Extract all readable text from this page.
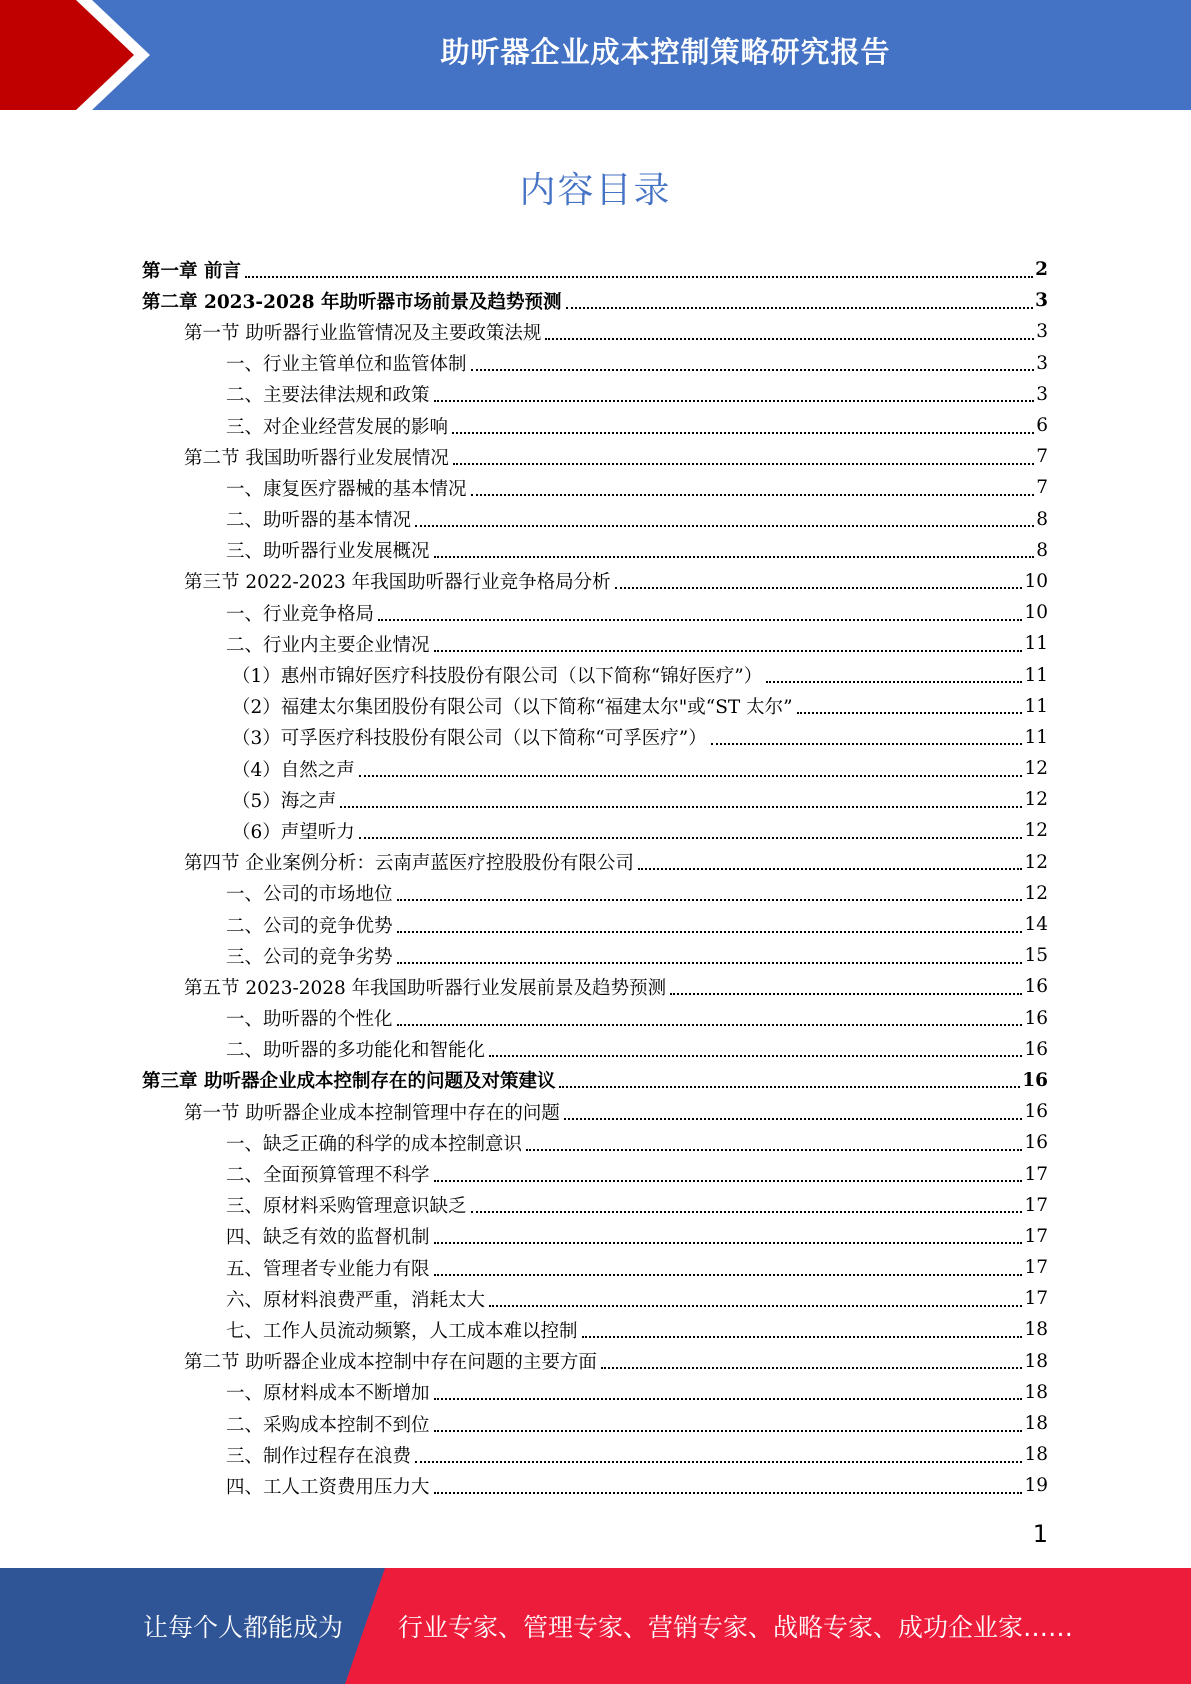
助听器企业成本控制策略研究报告
内容目录
第一章 前言	2
第二章 2023-2028 年助听器市场前景及趋势预测	3
第一节 助听器行业监管情况及主要政策法规	3
一、行业主管单位和监管体制	3
二、主要法律法规和政策	3
三、对企业经营发展的影响	6
第二节 我国助听器行业发展情况	7
一、康复医疗器械的基本情况	7
二、助听器的基本情况	8
三、助听器行业发展概况	8
第三节 2022-2023 年我国助听器行业竞争格局分析	10
一、行业竞争格局	10
二、行业内主要企业情况	11
（1）惠州市锦好医疗科技股份有限公司（以下简称“锦好医疗”）	11
（2）福建太尔集团股份有限公司（以下简称“福建太尔"或“ST 太尔”	11
（3）可孚医疗科技股份有限公司（以下简称“可孚医疗”）	11
（4）自然之声	12
（5）海之声	12
（6）声望听力	12
第四节 企业案例分析：云南声蓝医疗控股股份有限公司	12
一、公司的市场地位	12
二、公司的竞争优势	14
三、公司的竞争劣势	15
第五节 2023-2028 年我国助听器行业发展前景及趋势预测	16
一、助听器的个性化	16
二、助听器的多功能化和智能化	16
第三章 助听器企业成本控制存在的问题及对策建议	16
第一节 助听器企业成本控制管理中存在的问题	16
一、缺乏正确的科学的成本控制意识	16
二、全面预算管理不科学	17
三、原材料采购管理意识缺乏	17
四、缺乏有效的监督机制	17
五、管理者专业能力有限	17
六、原材料浪费严重，消耗太大	17
七、工作人员流动频繁，人工成本难以控制	18
第二节 助听器企业成本控制中存在问题的主要方面	18
一、原材料成本不断增加	18
二、采购成本控制不到位	18
三、制作过程存在浪费	18
四、工人工资费用压力大	19
1
让每个人都能成为 行业专家、管理专家、营销专家、战略专家、成功企业家……
